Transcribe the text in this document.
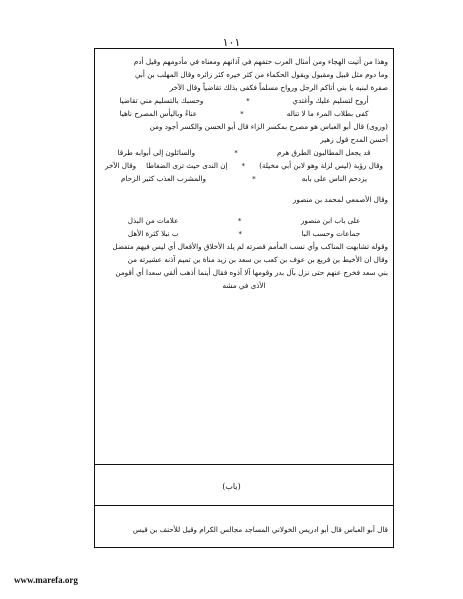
١٠١
وهذا من أتيت الهجاء ومن أمثال العرب حتفهم في آذانهم ومعناه في مأدومهم وقيل أدم
وما دوم مثل قبيل ومقبول ويقول الحكماء من كثر خيره كثر زائره وقال المهلب بن أبي
صفرة لبنيه يا بني أتاكم الرجل ورواح مسلماً فكفى بذلك تقاضياً وقال الآخر
أروح لتسليم عليك وأغتدي
*
وحسبك بالتسليم مني تقاضيا
كفى بطلاب المرء ما لا تناله
*
عناءً وباليأس المصرح ناهيا
(وروى) قال أبو العباس هو مصرح بمكسر الزاء قال أبو الحسن والكسر أجود ومن
أحسن المدح قول زهير
قد يجعل المطالبون الطرق هرم
*
والسائلون إلى أبوابه طرقا
وقال رؤبة (ليس لزلة وهو لابن أبي مخيلة)
*
إن الندى حيث ترى الضغاطا
وقال الآخر
يزدحم الناس على بابه
*
والمشرب العذب كثير الزحام
وقال الأصمعي لمحمد بن منصور
على باب ابن منصور
*
علامات من البذل
جماعات وحسب البا
*
ب نبلا كثرة الأهل
وقوله تشابهت المناكب وأي نسب المأمم قصرته لم يلد الأخلاق والأفعال أي ليس فيهم متفضل
وقال ان الأخيط بن قريع بن عوف بن كعب بن سعد بن زيد مناة بن تميم آذنه عشيرته من
بني سعد فخرج عنهم حتى نزل بآل بدر وقومها آلا آذوه فقال أينما أذهب ألقي سعدا أي أقومن
الأذى في مشه
(باب)
قال أبو العباس قال أبو ادريس الخولاني المساجد مجالس الكرام وقيل للأحنف بن قيس
www.marefa.org
